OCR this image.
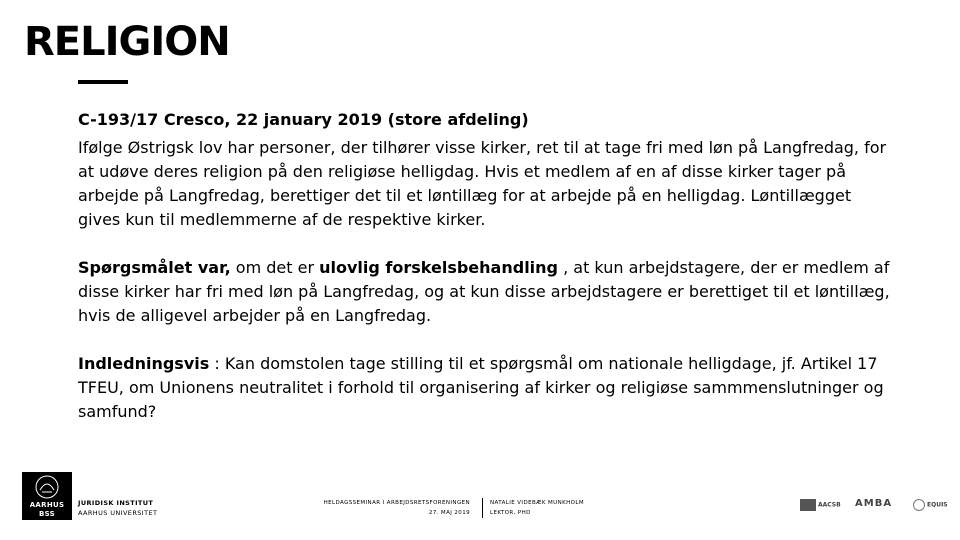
RELIGION
C-193/17 Cresco, 22 january 2019 (store afdeling)

Ifølge Østrigsk lov har personer, der tilhører visse kirker, ret til at tage fri med løn på Langfredag, for at udøve deres religion på den religiøse helligdag. Hvis et medlem af en af disse kirker tager på arbejde på Langfredag, berettiger det til et løntillæg for at arbejde på en helligdag. Løntillægget gives kun til medlemmerne af de respektive kirker.

Spørgsmålet var, om det er ulovlig forskelsbehandling , at kun arbejdstagere, der er medlem af disse kirker har fri med løn på Langfredag, og at kun disse arbejdstagere er berettiget til et løntillæg, hvis de alligevel arbejder på en Langfredag.

Indledningsvis : Kan domstolen tage stilling til et spørgsmål om nationale helligdage, jf. Artikel 17 TFEU, om Unionens neutralitet i forhold til organisering af kirker og religiøse sammmenslutninger og samfund?

AARHUS
BSS
JURIDISK INSTITUT
AARHUS UNIVERSITET
HELDAGSSEMINAR I ARBEJDSRETSFORENINGEN
27. MAJ 2019
NATALIE VIDEBÆK MUNKHOLM
LEKTOR, PHD
AACSB AMBA	EQUIS
